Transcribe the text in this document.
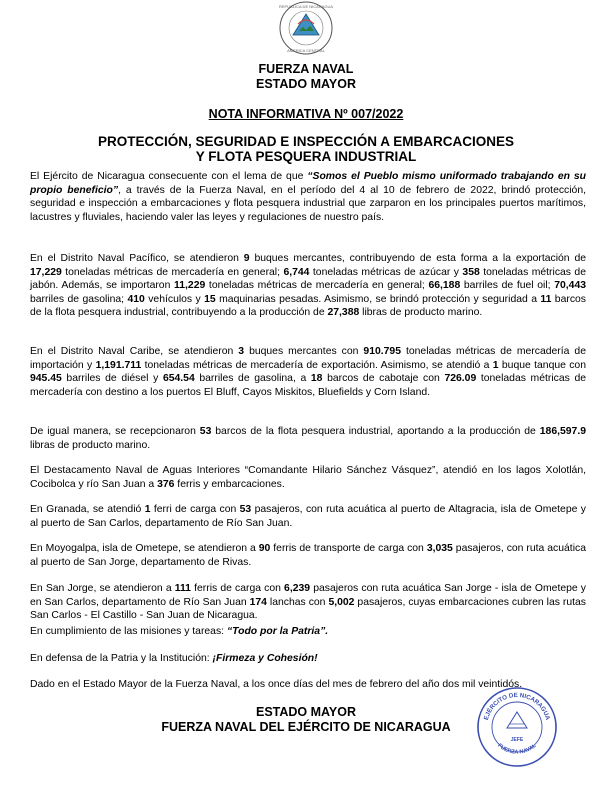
REPUBLICA DE NICARAGUA
AMERICA CENTRAL
FUERZA NAVAL
ESTADO MAYOR
NOTA INFORMATIVA Nº 007/2022
PROTECCIÓN, SEGURIDAD E INSPECCIÓN A EMBARCACIONES
Y FLOTA PESQUERA INDUSTRIAL

El Ejército de Nicaragua consecuente con el lema de que “Somos el Pueblo mismo uniformado trabajando en su propio beneficio”, a través de la Fuerza Naval, en el período del 4 al 10 de febrero de 2022, brindó protección, seguridad e inspección a embarcaciones y flota pesquera industrial que zarparon en los principales puertos marítimos, lacustres y fluviales, haciendo valer las leyes y regulaciones de nuestro país.

En el Distrito Naval Pacífico, se atendieron 9 buques mercantes, contribuyendo de esta forma a la exportación de 17,229 toneladas métricas de mercadería en general; 6,744 toneladas métricas de azúcar y 358 toneladas métricas de jabón. Además, se importaron 11,229 toneladas métricas de mercadería en general; 66,188 barriles de fuel oil; 70,443 barriles de gasolina; 410 vehículos y 15 maquinarias pesadas. Asimismo, se brindó protección y seguridad a 11 barcos de la flota pesquera industrial, contribuyendo a la producción de 27,388 libras de producto marino.

En el Distrito Naval Caribe, se atendieron 3 buques mercantes con 910.795 toneladas métricas de mercadería de importación y 1,191.711 toneladas métricas de mercadería de exportación. Asimismo, se atendió a 1 buque tanque con 945.45 barriles de diésel y 654.54 barriles de gasolina, a 18 barcos de cabotaje con 726.09 toneladas métricas de mercadería con destino a los puertos El Bluff, Cayos Miskitos, Bluefields y Corn Island.

De igual manera, se recepcionaron 53 barcos de la flota pesquera industrial, aportando a la producción de 186,597.9 libras de producto marino.

El Destacamento Naval de Aguas Interiores “Comandante Hilario Sánchez Vásquez”, atendió en los lagos Xolotlán, Cocibolca y río San Juan a 376 ferris y embarcaciones.

En Granada, se atendió 1 ferri de carga con 53 pasajeros, con ruta acuática al puerto de Altagracia, isla de Ometepe y al puerto de San Carlos, departamento de Río San Juan.

En Moyogalpa, isla de Ometepe, se atendieron a 90 ferris de transporte de carga con 3,035 pasajeros, con ruta acuática al puerto de San Jorge, departamento de Rivas.

En San Jorge, se atendieron a 111 ferris de carga con 6,239 pasajeros con ruta acuática San Jorge - isla de Ometepe y en San Carlos, departamento de Río San Juan 174 lanchas con 5,002 pasajeros, cuyas embarcaciones cubren las rutas San Carlos - El Castillo - San Juan de Nicaragua.

En cumplimiento de las misiones y tareas: “Todo por la Patria”.

En defensa de la Patria y la Institución: ¡Firmeza y Cohesión!

Dado en el Estado Mayor de la Fuerza Naval, a los once días del mes de febrero del año dos mil veintidós.

ESTADO MAYOR
FUERZA NAVAL DEL EJÉRCITO DE NICARAGUA
EJÉRCITO DE NICARAGUA
JEFE
FUERZA NAVAL
